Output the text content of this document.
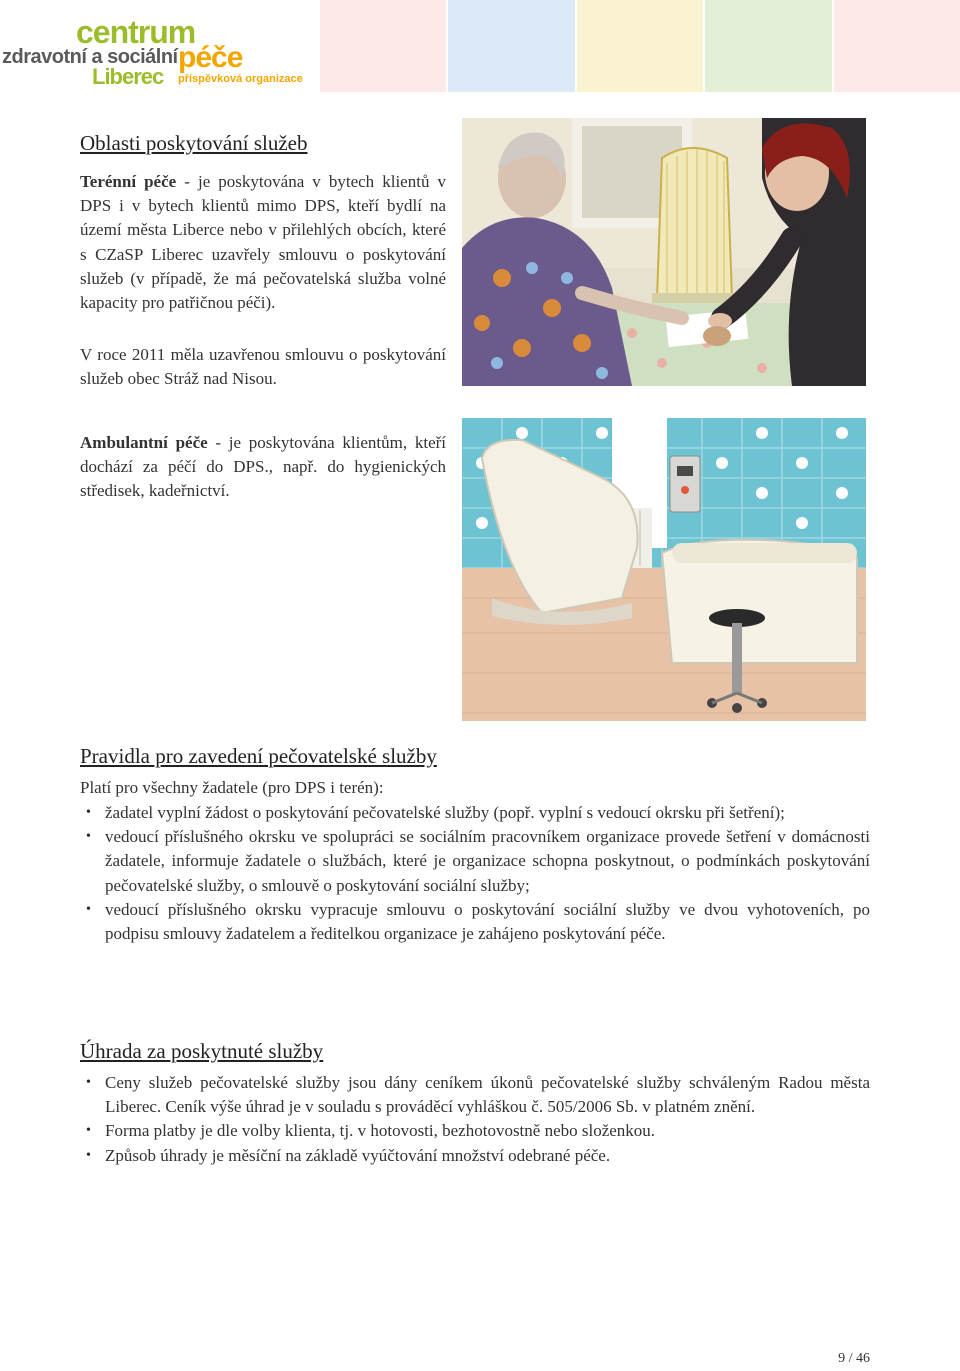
centrum
zdravotní a sociální péče
Liberec příspěvková organizace
Oblasti poskytování služeb

Terénní péče - je poskytována v bytech klientů v DPS i v bytech klientů mimo DPS, kteří bydlí na území města Liberce nebo v přilehlých obcích, které s CZaSP Liberec uzavřely smlouvu o poskytování služeb (v případě, že má pečovatelská služba volné kapacity pro patřičnou péči).

V roce 2011 měla uzavřenou smlouvu o poskytování služeb obec Stráž nad Nisou.

Ambulantní péče - je poskytována klientům, kteří dochází za péčí do DPS., např. do hygienických středisek, kadeřnictví.

Pravidla pro zavedení pečovatelské služby

Platí pro všechny žadatele (pro DPS i terén):

• žadatel vyplní žádost o poskytování pečovatelské služby (popř. vyplní s vedoucí okrsku při šetření);
• vedoucí příslušného okrsku ve spolupráci se sociálním pracovníkem organizace provede šetření v domácnosti žadatele, informuje žadatele o službách, které je organizace schopna poskytnout, o podmínkách poskytování pečovatelské služby, o smlouvě o poskytování sociální služby;
• vedoucí příslušného okrsku vypracuje smlouvu o poskytování sociální služby ve dvou vyhotoveních, po podpisu smlouvy žadatelem a ředitelkou organizace je zahájeno poskytování péče.
Úhrada za poskytnuté služby
• Ceny služeb pečovatelské služby jsou dány ceníkem úkonů pečovatelské služby schváleným Radou města Liberec. Ceník výše úhrad je v souladu s prováděcí vyhláškou č. 505/2006 Sb. v platném znění.
• Forma platby je dle volby klienta, tj. v hotovosti, bezhotovostně nebo složenkou.
• Způsob úhrady je měsíční na základě vyúčtování množství odebrané péče.
9 / 46
